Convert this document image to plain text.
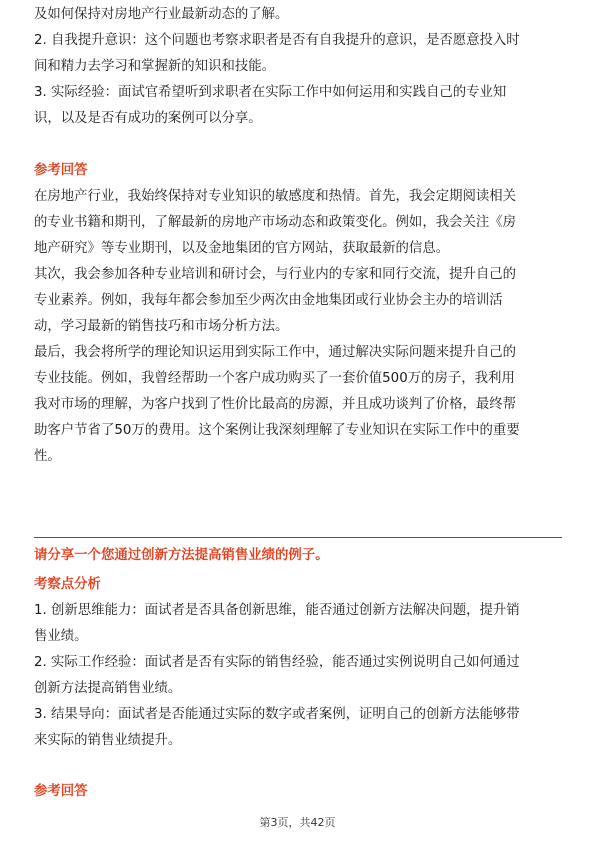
及如何保持对房地产行业最新动态的了解。
2. 自我提升意识：这个问题也考察求职者是否有自我提升的意识，是否愿意投入时
间和精力去学习和掌握新的知识和技能。
3. 实际经验：面试官希望听到求职者在实际工作中如何运用和实践自己的专业知
识，以及是否有成功的案例可以分享。
参考回答
在房地产行业，我始终保持对专业知识的敏感度和热情。首先，我会定期阅读相关
的专业书籍和期刊，了解最新的房地产市场动态和政策变化。例如，我会关注《房
地产研究》等专业期刊，以及金地集团的官方网站，获取最新的信息。
其次，我会参加各种专业培训和研讨会，与行业内的专家和同行交流，提升自己的
专业素养。例如，我每年都会参加至少两次由金地集团或行业协会主办的培训活
动，学习最新的销售技巧和市场分析方法。
最后，我会将所学的理论知识运用到实际工作中，通过解决实际问题来提升自己的
专业技能。例如，我曾经帮助一个客户成功购买了一套价值500万的房子，我利用
我对市场的理解，为客户找到了性价比最高的房源，并且成功谈判了价格，最终帮
助客户节省了50万的费用。这个案例让我深刻理解了专业知识在实际工作中的重要
性。
请分享一个您通过创新方法提高销售业绩的例子。
考察点分析
1. 创新思维能力：面试者是否具备创新思维，能否通过创新方法解决问题，提升销
售业绩。
2. 实际工作经验：面试者是否有实际的销售经验，能否通过实例说明自己如何通过
创新方法提高销售业绩。
3. 结果导向：面试者是否能通过实际的数字或者案例，证明自己的创新方法能够带
来实际的销售业绩提升。
参考回答
第3页，共42页
